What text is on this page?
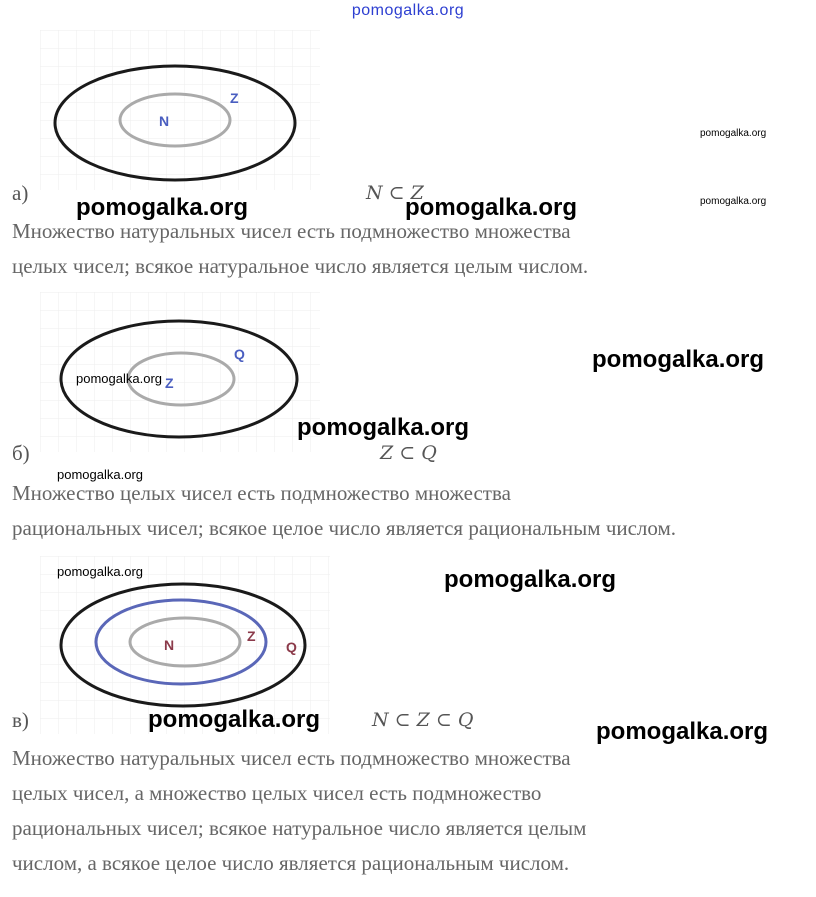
pomogalka.org
Z
N
pomogalka.org
pomogalka.org
а)	N ⊂ Z
pomogalka.org	pomogalka.org
Множество натуральных чисел есть подмножество множества
целых чисел; всякое натуральное число является целым числом.
Q
Z
pomogalka.org
pomogalka.org
pomogalka.org
б)	Z ⊂ Q
pomogalka.org
Множество целых чисел есть подмножество множества
рациональных чисел; всякое целое число является рациональным числом.
Q
Z
N
pomogalka.org	pomogalka.org
в)	N ⊂ Z ⊂ Q
pomogalka.org	pomogalka.org
Множество натуральных чисел есть подмножество множества
целых чисел, а множество целых чисел есть подмножество
рациональных чисел; всякое натуральное число является целым
числом, а всякое целое число является рациональным числом.
